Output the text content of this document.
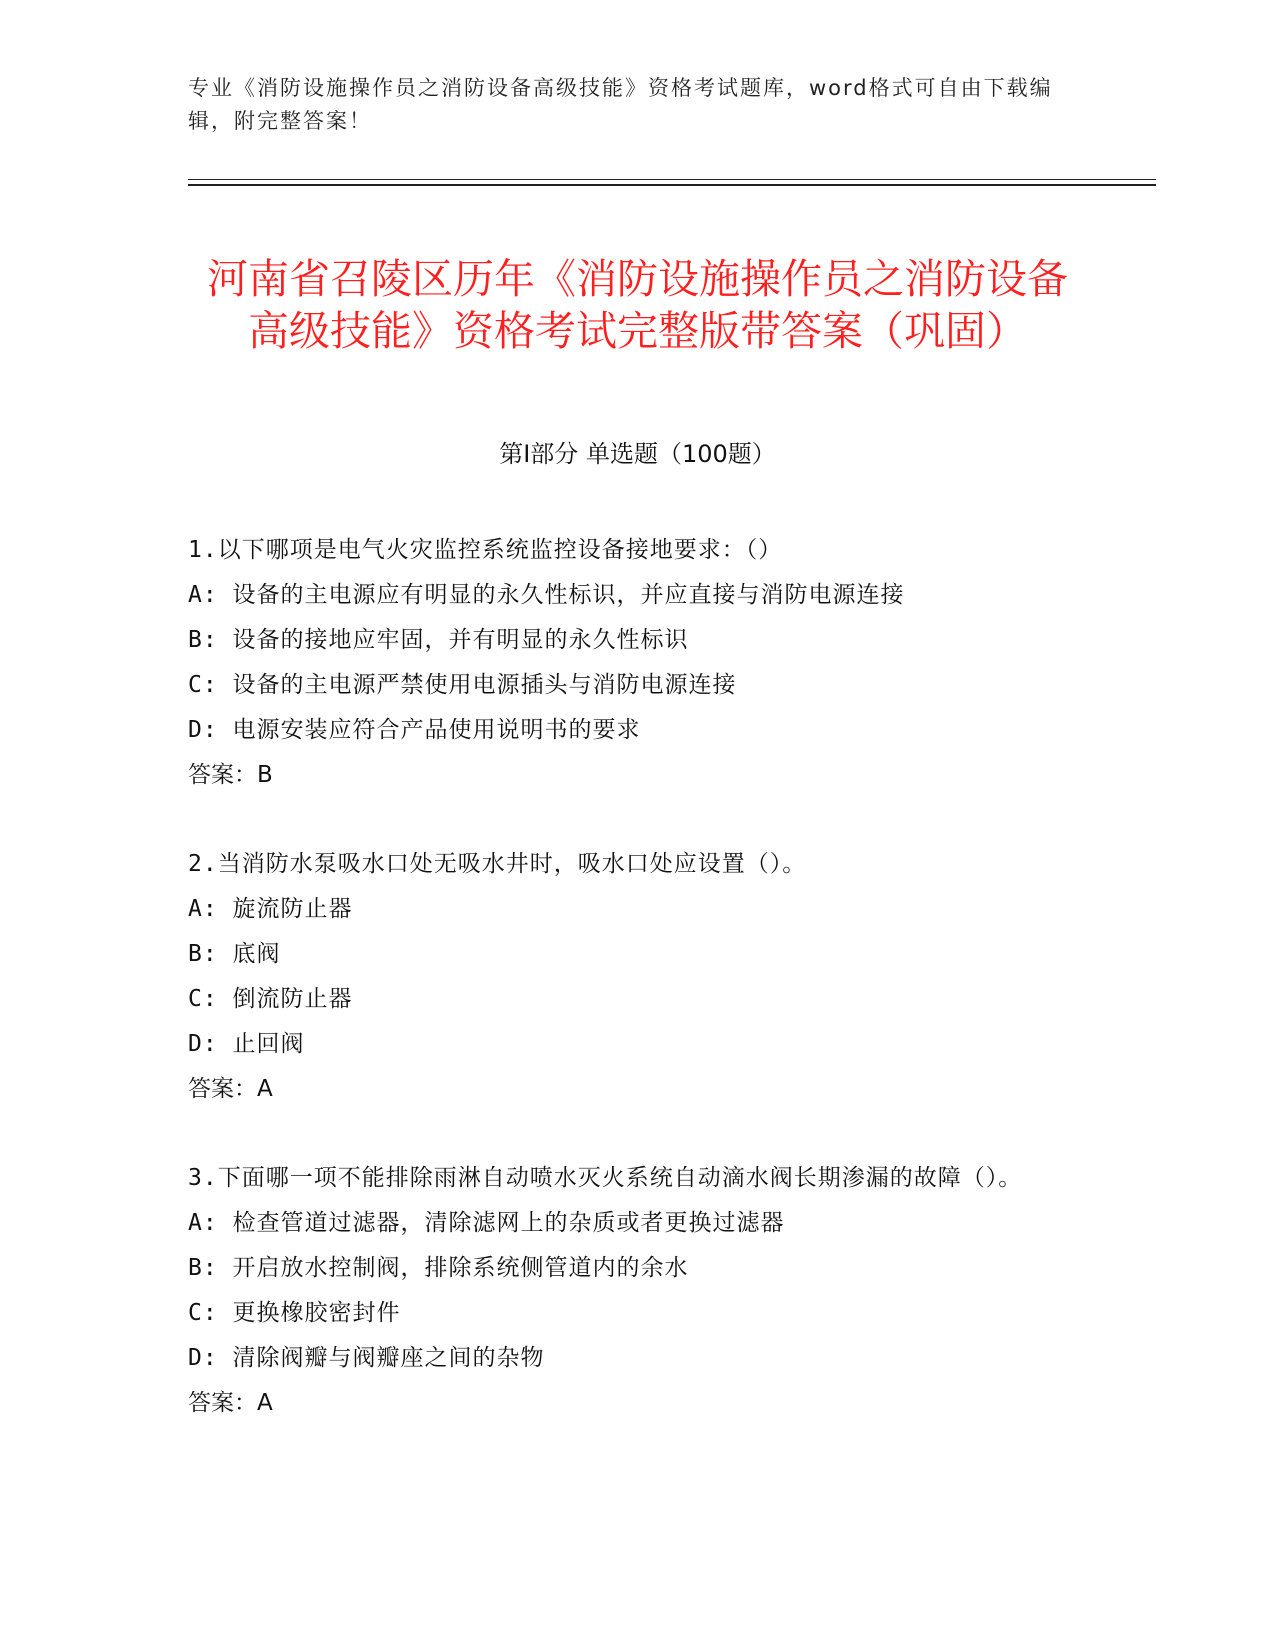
专业《消防设施操作员之消防设备高级技能》资格考试题库，word格式可自由下载编辑，附完整答案！
河南省召陵区历年《消防设施操作员之消防设备高级技能》资格考试完整版带答案（巩固）
第Ⅰ部分 单选题（100题）
1.以下哪项是电气火灾监控系统监控设备接地要求：（）
A: 设备的主电源应有明显的永久性标识，并应直接与消防电源连接
B: 设备的接地应牢固，并有明显的永久性标识
C: 设备的主电源严禁使用电源插头与消防电源连接
D: 电源安装应符合产品使用说明书的要求
答案：B
2.当消防水泵吸水口处无吸水井时，吸水口处应设置（）。
A: 旋流防止器
B: 底阀
C: 倒流防止器
D: 止回阀
答案：A
3.下面哪一项不能排除雨淋自动喷水灭火系统自动滴水阀长期渗漏的故障（）。
A: 检查管道过滤器，清除滤网上的杂质或者更换过滤器
B: 开启放水控制阀，排除系统侧管道内的余水
C: 更换橡胶密封件
D: 清除阀瓣与阀瓣座之间的杂物
答案：A
